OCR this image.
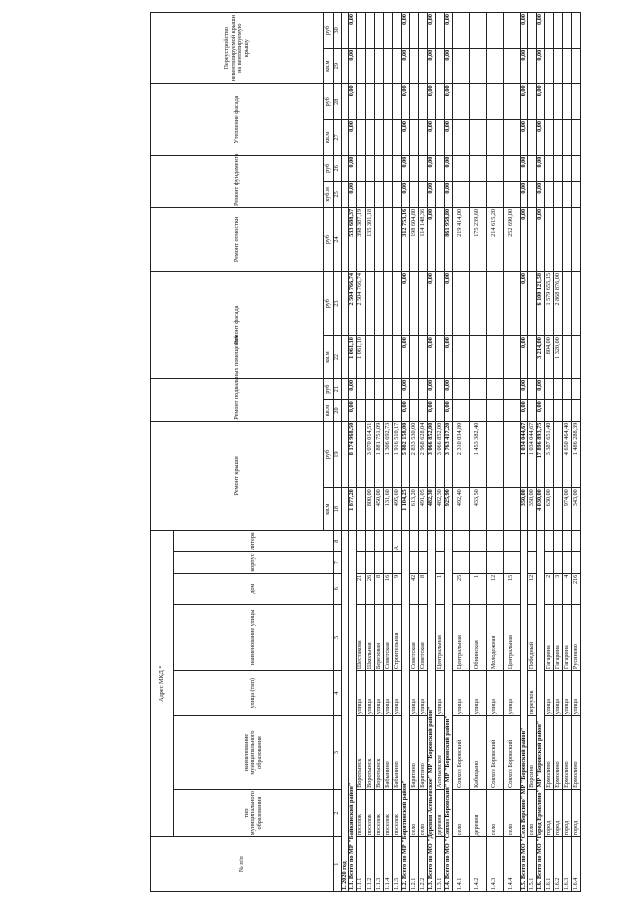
№ п/п	Адрес МКД *							Ремонт крыши		Ремонт подвальных помещений		Ремонт фасада		Ремонт отмостки	Ремонт фундамента		Утепление фасада		Переустройство невентилируемой крыши на вентилируемую крышу	
	тип муниципального образования	наименование муниципального образования	улица (тип)	наименование улицы	дом	корпус	литера													
								кв.м	руб	кв.м	руб	кв.м	руб	руб	куб.м	руб	кв.м	руб	кв.м	руб
1	2	3	4	5	6	7	8	18	19	20	21	22	23	24	25	26	27	28	29	30
1. 2020 год																				
1.1. Всего по МР "Байкинский район"								1 877,20	8 174 968,50	0,00	0,00	1 061,10	2 504 766,74	533 688,37	0,00	0,00	0,00	0,00	0,00	0,00
1.1.1	поселок	Воротынск	улица	Шестакова	21							1 061,10	2 504 766,74	398 387,19						
1.1.2	поселок	Воротынск	улица	Школьная	26			800,00	3 070 014,51					135 301,18						
1.1.3	поселок	Воротынск	улица	Березовая	8			450,00	1 881 751,09											
1.1.4	поселок	Бабынино	улица	Советская	16			131,60	1 306 692,73											
1.1.5	поселок	Бабынино	улица	Строительная	9		А	495,60	1 916 510,17											
1.2. Всего по МР "Барятинский район"								1 104,25	5 802 158,00	0,00	0,00	0,00	0,00	312 753,16	0,00	0,00	0,00	0,00	0,00	0,00
1.2.1	село	Барятино	улица	Советская	42			613,20	2 833 530,00					198 604,80						
1.2.2	село	Барятино	улица	Советская	8			491,05	2 968 628,04					114 148,36						
1.3. Всего по МО "Деревня Асеньевское" МР "Боровский район"								482,30	3 066 852,00	0,00	0,00	0,00	0,00	0,00	0,00	0,00	0,00	0,00	0,00	0,00
1.3.1	деревня	Асеньевское	улица	Центральная	1			482,30	3 066 852,00											
1.4. Всего по МО "Совхоз Боровский" МР "Боровский район"								925,90	3 763 417,20	0,00	0,00	0,00	0,00	861 958,80	0,00	0,00	0,00	0,00	0,00	0,00
1.4.1	село	Совхоз Боровский	улица	Центральная	25			492,40	2 310 034,80					219 414,00						
1.4.2	деревня	Кабицыно	улица	Обнинская	1			433,50	1 453 382,40					175 239,60						
1.4.3	село	Совхоз Боровский	улица	Молодежная	12									214 615,20						
1.4.4	село	Совхоз Боровский	улица	Центральная	15									252 690,00						
1.5. Всего по МО "Село Ворсино" МР "Боровский район"								350,00	1 034 044,67	0,00	0,00	0,00	0,00	0,00	0,00	0,00	0,00	0,00	0,00	0,00
1.5.1	село	Ворсино	переулок	Победный	12			350,00	1 034 044,67											
1.6. Всего по МО "Город Ермолино" МР "Боровский район"								4 030,00	17 896 893,75	0,00	0,00	3 214,00	6 100 121,58	0,00	0,00	0,00	0,00	0,00	0,00	0,00
1.6.1	город	Ермолино	улица	Гагарина	2			630,00	3 387 651,40			804,00	1 579 655,15							
1.6.2	город	Ермолино	улица	Гагарина	3							1 320,00	2 868 876,00							
1.6.3	город	Ермолино	улица	Гагарина	4			974,00	4 650 464,40											
1.6.4	город	Ермолино	улица	Русиново	216			343,00	1 486 288,39											
